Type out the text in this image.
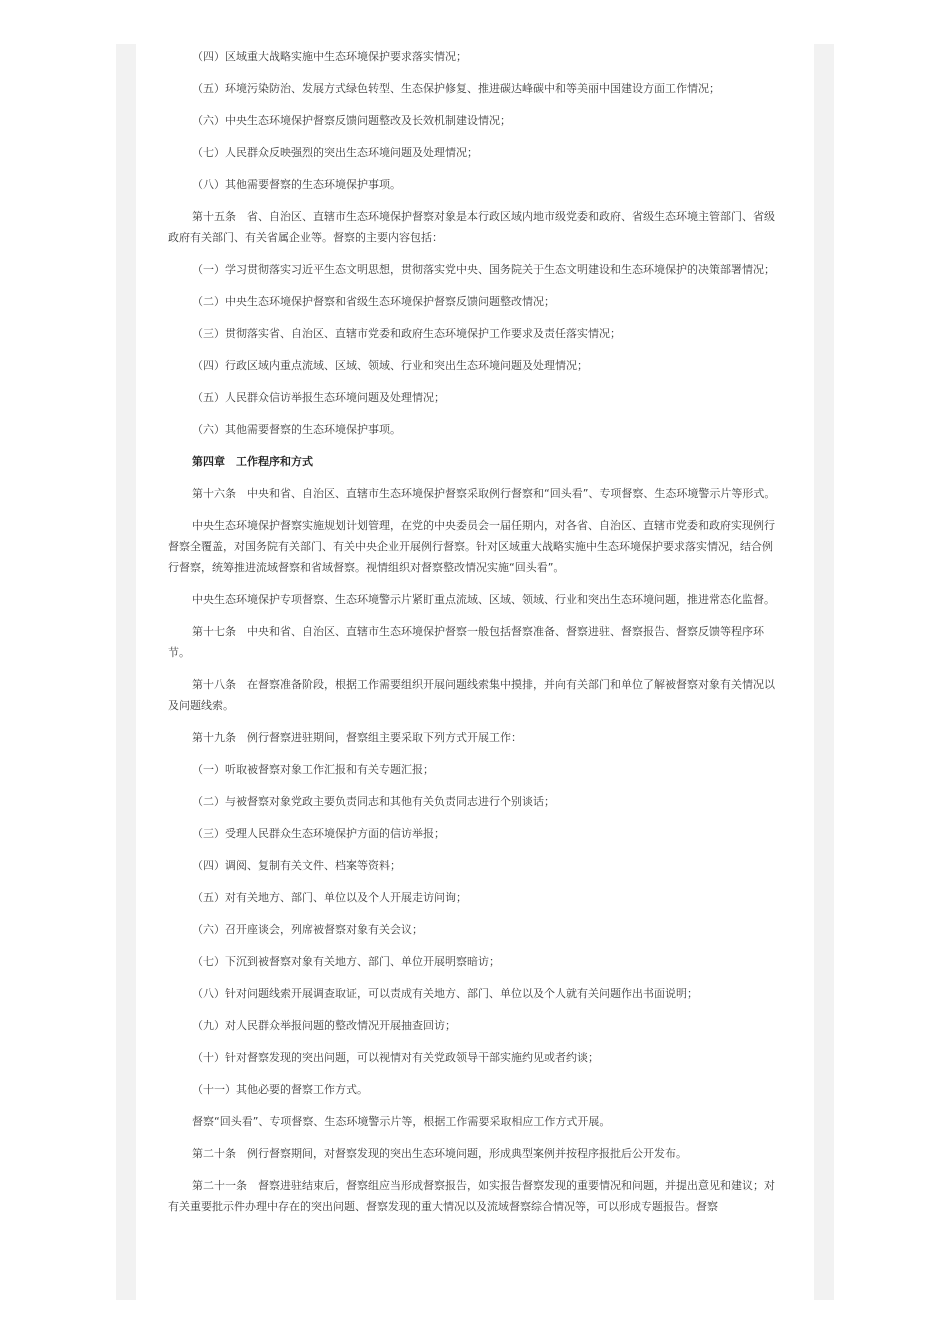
（四）区域重大战略实施中生态环境保护要求落实情况；

（五）环境污染防治、发展方式绿色转型、生态保护修复、推进碳达峰碳中和等美丽中国建设方面工作情况；

（六）中央生态环境保护督察反馈问题整改及长效机制建设情况；

（七）人民群众反映强烈的突出生态环境问题及处理情况；

（八）其他需要督察的生态环境保护事项。

第十五条　省、自治区、直辖市生态环境保护督察对象是本行政区域内地市级党委和政府、省级生态环境主管部门、省级政府有关部门、有关省属企业等。督察的主要内容包括：

（一）学习贯彻落实习近平生态文明思想，贯彻落实党中央、国务院关于生态文明建设和生态环境保护的决策部署情况；

（二）中央生态环境保护督察和省级生态环境保护督察反馈问题整改情况；

（三）贯彻落实省、自治区、直辖市党委和政府生态环境保护工作要求及责任落实情况；

（四）行政区域内重点流域、区域、领域、行业和突出生态环境问题及处理情况；

（五）人民群众信访举报生态环境问题及处理情况；

（六）其他需要督察的生态环境保护事项。

第四章　工作程序和方式

第十六条　中央和省、自治区、直辖市生态环境保护督察采取例行督察和“回头看”、专项督察、生态环境警示片等形式。

中央生态环境保护督察实施规划计划管理，在党的中央委员会一届任期内，对各省、自治区、直辖市党委和政府实现例行督察全覆盖，对国务院有关部门、有关中央企业开展例行督察。针对区域重大战略实施中生态环境保护要求落实情况，结合例行督察，统筹推进流域督察和省域督察。视情组织对督察整改情况实施“回头看”。

中央生态环境保护专项督察、生态环境警示片紧盯重点流域、区域、领域、行业和突出生态环境问题，推进常态化监督。

第十七条　中央和省、自治区、直辖市生态环境保护督察一般包括督察准备、督察进驻、督察报告、督察反馈等程序环节。

第十八条　在督察准备阶段，根据工作需要组织开展问题线索集中摸排，并向有关部门和单位了解被督察对象有关情况以及问题线索。

第十九条　例行督察进驻期间，督察组主要采取下列方式开展工作：

（一）听取被督察对象工作汇报和有关专题汇报；

（二）与被督察对象党政主要负责同志和其他有关负责同志进行个别谈话；

（三）受理人民群众生态环境保护方面的信访举报；

（四）调阅、复制有关文件、档案等资料；

（五）对有关地方、部门、单位以及个人开展走访问询；

（六）召开座谈会，列席被督察对象有关会议；

（七）下沉到被督察对象有关地方、部门、单位开展明察暗访；

（八）针对问题线索开展调查取证，可以责成有关地方、部门、单位以及个人就有关问题作出书面说明；

（九）对人民群众举报问题的整改情况开展抽查回访；

（十）针对督察发现的突出问题，可以视情对有关党政领导干部实施约见或者约谈；

（十一）其他必要的督察工作方式。

督察“回头看”、专项督察、生态环境警示片等，根据工作需要采取相应工作方式开展。

第二十条　例行督察期间，对督察发现的突出生态环境问题，形成典型案例并按程序报批后公开发布。

第二十一条　督察进驻结束后，督察组应当形成督察报告，如实报告督察发现的重要情况和问题，并提出意见和建议；对有关重要批示件办理中存在的突出问题、督察发现的重大情况以及流域督察综合情况等，可以形成专题报告。督察
